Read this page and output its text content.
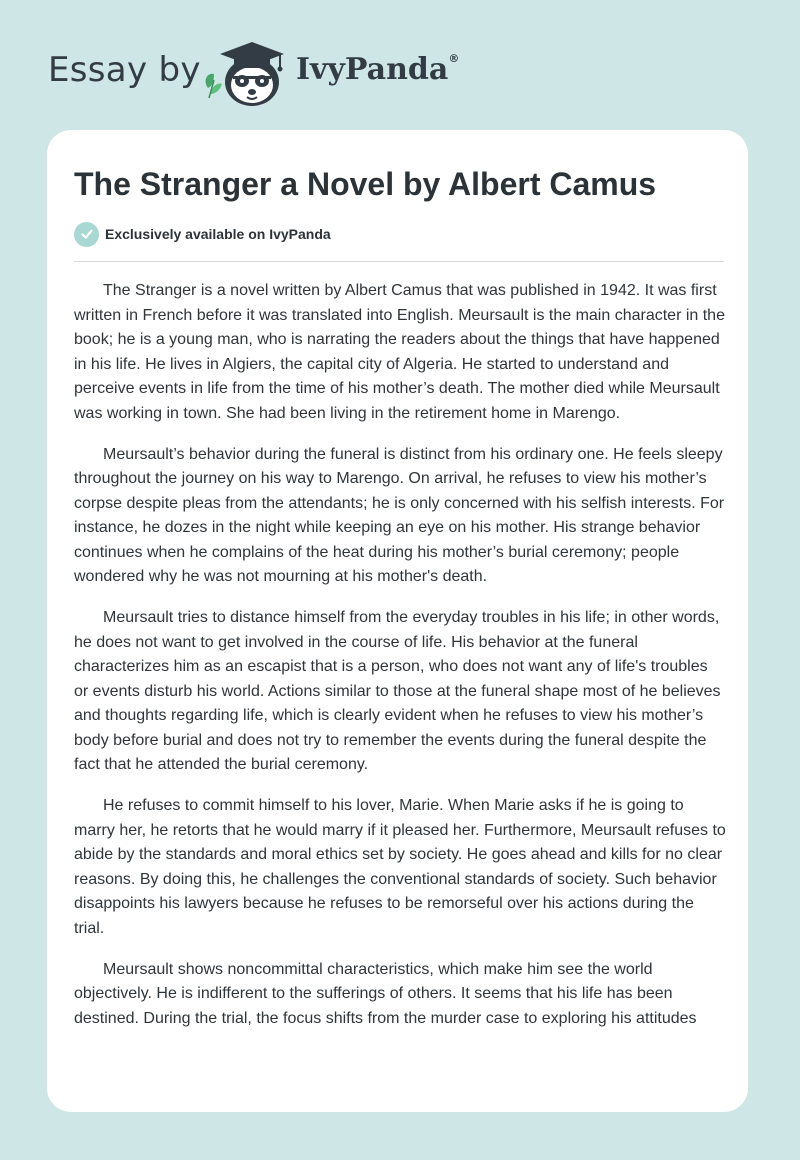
Essay by	IvyPanda®
The Stranger a Novel by Albert Camus
Exclusively available on IvyPanda

The Stranger is a novel written by Albert Camus that was published in 1942. It was first written in French before it was translated into English. Meursault is the main character in the book; he is a young man, who is narrating the readers about the things that have happened in his life. He lives in Algiers, the capital city of Algeria. He started to understand and perceive events in life from the time of his mother’s death. The mother died while Meursault was working in town. She had been living in the retirement home in Marengo.

Meursault’s behavior during the funeral is distinct from his ordinary one. He feels sleepy throughout the journey on his way to Marengo. On arrival, he refuses to view his mother’s corpse despite pleas from the attendants; he is only concerned with his selfish interests. For instance, he dozes in the night while keeping an eye on his mother. His strange behavior continues when he complains of the heat during his mother’s burial ceremony; people wondered why he was not mourning at his mother's death.

Meursault tries to distance himself from the everyday troubles in his life; in other words, he does not want to get involved in the course of life. His behavior at the funeral characterizes him as an escapist that is a person, who does not want any of life's troubles or events disturb his world. Actions similar to those at the funeral shape most of he believes and thoughts regarding life, which is clearly evident when he refuses to view his mother’s body before burial and does not try to remember the events during the funeral despite the fact that he attended the burial ceremony.

He refuses to commit himself to his lover, Marie. When Marie asks if he is going to marry her, he retorts that he would marry if it pleased her. Furthermore, Meursault refuses to abide by the standards and moral ethics set by society. He goes ahead and kills for no clear reasons. By doing this, he challenges the conventional standards of society. Such behavior disappoints his lawyers because he refuses to be remorseful over his actions during the trial.

Meursault shows noncommittal characteristics, which make him see the world objectively. He is indifferent to the sufferings of others. It seems that his life has been destined. During the trial, the focus shifts from the murder case to exploring his attitudes
